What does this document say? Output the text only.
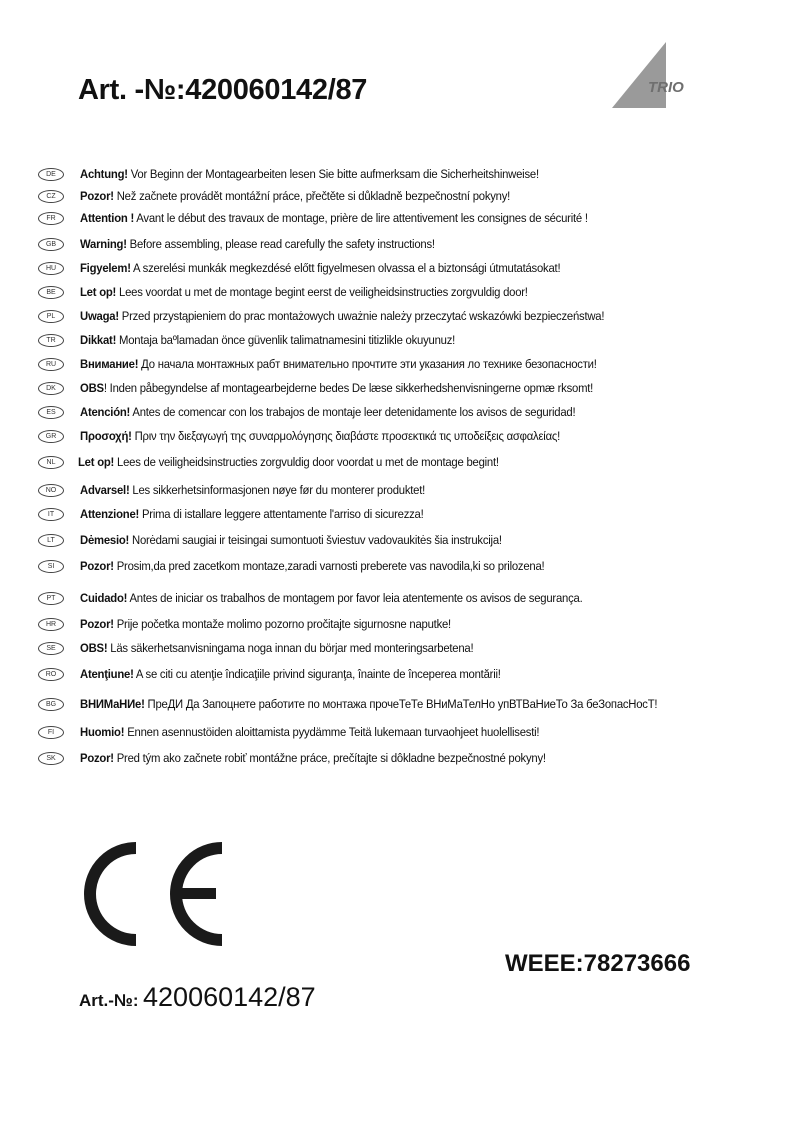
Art. -№:420060142/87	TRIO
DE	Achtung! Vor Beginn der Montagearbeiten lesen Sie bitte aufmerksam die Sicherheitshinweise!
CZ	Pozor! Než začnete provádět montážní práce, přečtěte si důkladně bezpečnostní pokyny!
FR	Attention ! Avant le début des travaux de montage, prière de lire attentivement les consignes de sécurité !
GB	Warning! Before assembling, please read carefully the safety instructions!
HU	Figyelem! A szerelési munkák megkezdésé előtt figyelmesen olvassa el a biztonsági útmutatásokat!
BE	Let op! Lees voordat u met de montage begint eerst de veiligheidsinstructies zorgvuldig door!
PL	Uwaga! Przed przystąpieniem do prac montażowych uważnie należy przeczytać wskazówki bezpieczeństwa!
TR	Dikkat! Montaja baºlamadan önce güvenlik talimatnamesini titizlikle okuyunuz!
RU	Внимание! До начала монтажных рабт внимательно прочтите эти указания ло технике безопасности!
DK	OBS! Inden påbegyndelse af montagearbejderne bedes De læse sikkerhedshenvisningerne opmæ rksomt!
ES	Atención! Antes de comencar con los trabajos de montaje leer detenidamente los avisos de seguridad!
GR	Προσοχή! Πριν την διεξαγωγή της συναρμολόγησης διαβάστε προσεκτικά τις υποδείξεις ασφαλείας!
NL	Let op! Lees de veiligheidsinstructies zorgvuldig door voordat u met de montage begint!
NO	Advarsel! Les sikkerhetsinformasjonen nøye før du monterer produktet!
IT	Attenzione! Prima di istallare leggere attentamente l'arriso di sicurezza!
LT	Dėmesio! Norėdami saugiai ir teisingai sumontuoti šviestuv vadovaukitės šia instrukcija!
SI	Pozor! Prosim,da pred zacetkom montaze,zaradi varnosti preberete vas navodila,ki so prilozena!
PT	Cuidado! Antes de iniciar os trabalhos de montagem por favor leia atentemente os avisos de segurança.
HR	Pozor! Prije početka montaže molimo pozorno pročitajte sigurnosne naputke!
SE	OBS! Läs säkerhetsanvisningama noga innan du börjar med monteringsarbetena!
RO	Atenţiune! A se citi cu atenţie îndicaţiile privind siguranţa, înainte de începerea montării!
BG	ВНИМаНИе! ПреДИ Да Запоцнете работите по монтажа прочеТеТе ВНиМаТелНо упВТВаНиеТо За беЗопасНосТ!
FI	Huomio! Ennen asennustöiden aloittamista pyydämme Teitä lukemaan turvaohjeet huolellisesti!
SK	Pozor! Pred tým ako začnete robiť montážne práce, prečítajte si dôkladne bezpečnostné pokyny!

WEEE:78273666

Art.-№: 420060142/87
